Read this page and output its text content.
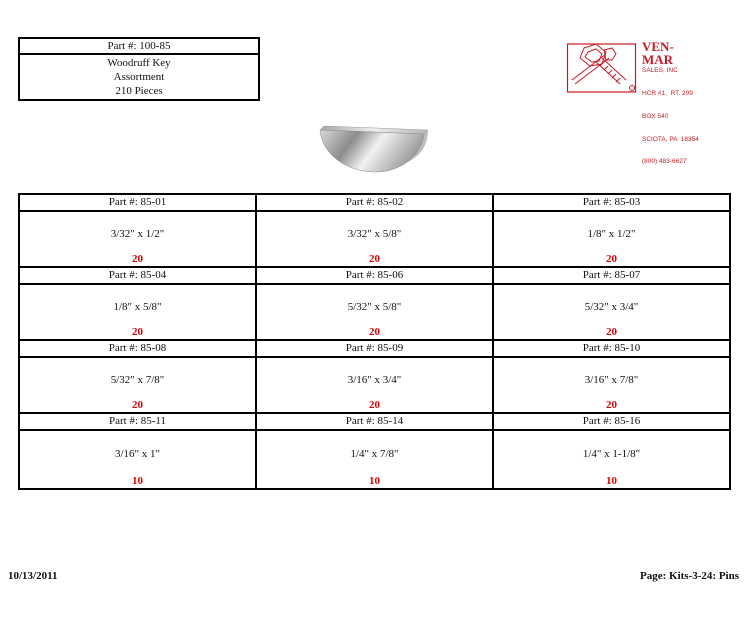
Part #: 100-85
Woodruff Key
Assortment
210 Pieces
VEN-MAR

SALES, INC

HCR #1,  RT. 209

BOX 540

SCIOTA, PA  18354

(800) 483-6627

Part #: 85-01
3/32" x 1/2"
20
Part #: 85-02
3/32" x 5/8"
20
Part #: 85-03
1/8" x 1/2"
20
Part #: 85-04
1/8" x 5/8"
20
Part #: 85-06
5/32" x 5/8"
20
Part #: 85-07
5/32" x 3/4"
20
Part #: 85-08
5/32" x 7/8"
20
Part #: 85-09
3/16" x 3/4"
20
Part #: 85-10
3/16" x 7/8"
20
Part #: 85-11
3/16" x 1"
10
Part #: 85-14
1/4" x 7/8"
10
Part #: 85-16
1/4" x 1-1/8"
10
10/13/2011	Page: Kits-3-24: Pins
